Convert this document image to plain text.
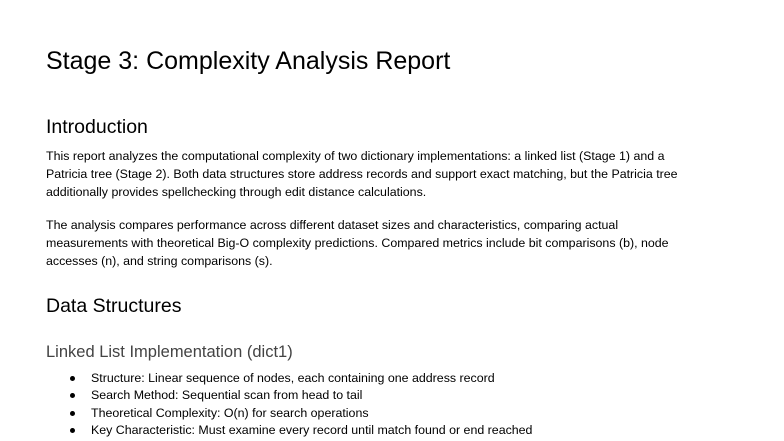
Stage 3: Complexity Analysis Report
Introduction
This report analyzes the computational complexity of two dictionary implementations: a linked list (Stage 1) and a
Patricia tree (Stage 2). Both data structures store address records and support exact matching, but the Patricia tree
additionally provides spellchecking through edit distance calculations.
The analysis compares performance across different dataset sizes and characteristics, comparing actual
measurements with theoretical Big-O complexity predictions. Compared metrics include bit comparisons (b), node
accesses (n), and string comparisons (s).
Data Structures
Linked List Implementation (dict1)
Structure: Linear sequence of nodes, each containing one address record
Search Method: Sequential scan from head to tail
Theoretical Complexity: O(n) for search operations
Key Characteristic: Must examine every record until match found or end reached
